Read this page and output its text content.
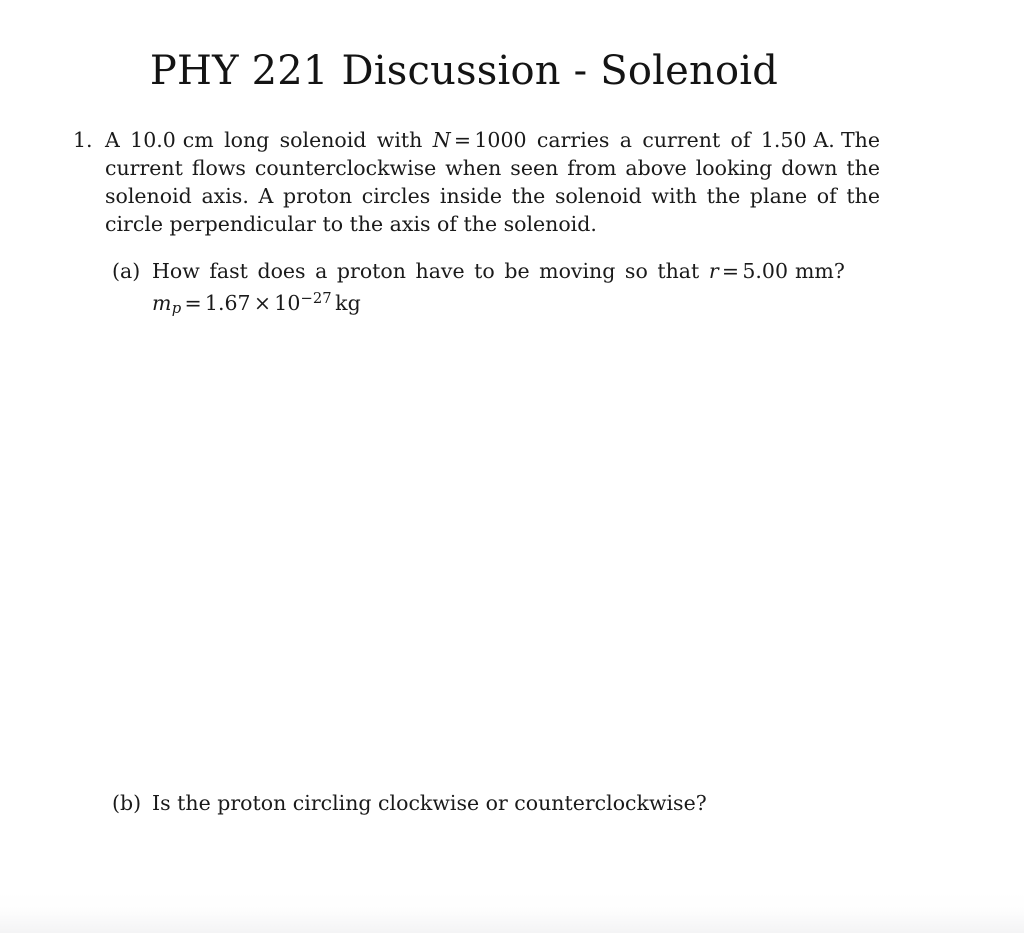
PHY 221 Discussion - Solenoid
1. A 10.0 cm long solenoid with N = 1000 carries a current of 1.50 A. The current flows counterclockwise when seen from above looking down the solenoid axis. A proton circles inside the solenoid with the plane of the circle perpendicular to the axis of the solenoid.

(a) How fast does a proton have to be moving so that r = 5.00 mm?mp = $1.67 \times 10^{-27}$ kg
(b) Is the proton circling clockwise or counterclockwise?
